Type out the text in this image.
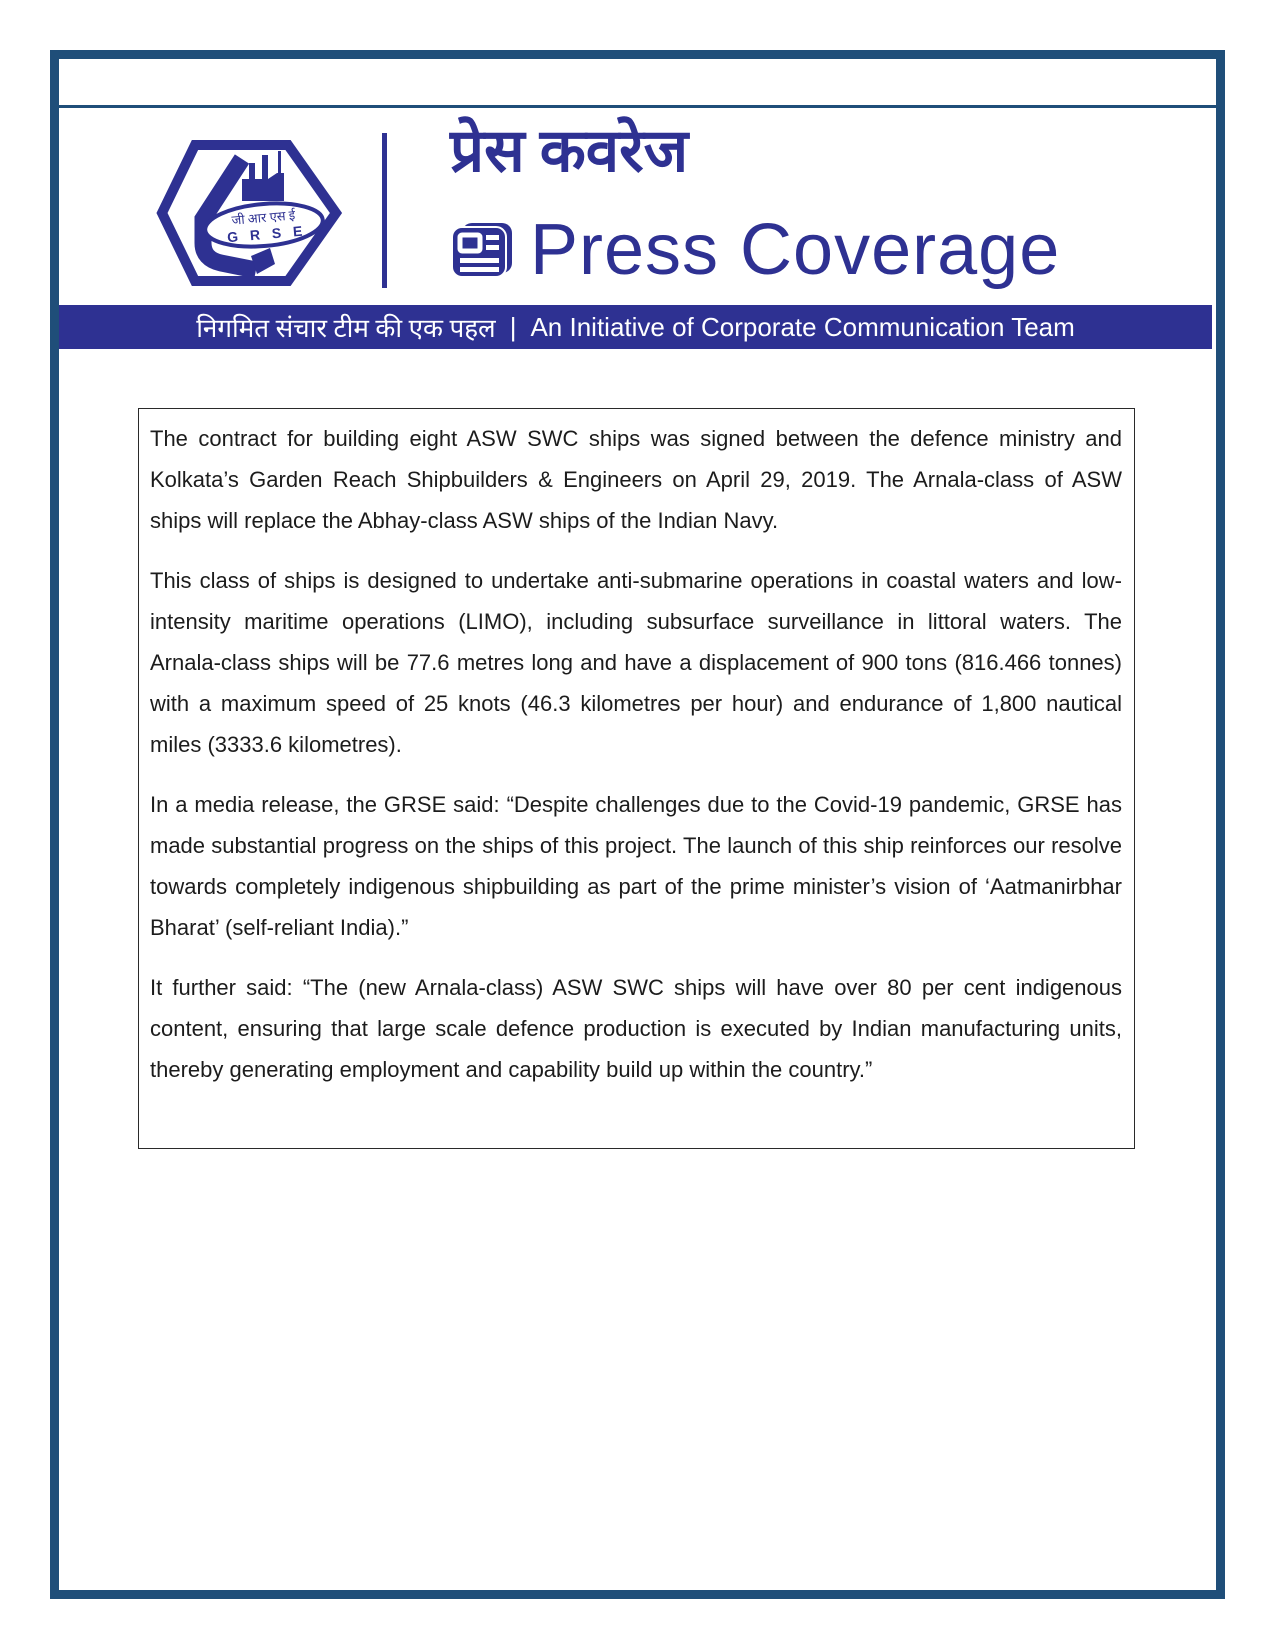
जी आर एस ई
G R S E
प्रेस कवरेज
Press Coverage
निगमित संचार टीम की एक पहल | An Initiative of Corporate Communication Team

The contract for building eight ASW SWC ships was signed between the defence ministry and Kolkata’s Garden Reach Shipbuilders & Engineers on April 29, 2019. The Arnala-class of ASW ships will replace the Abhay-class ASW ships of the Indian Navy.

This class of ships is designed to undertake anti-submarine operations in coastal waters and low-intensity maritime operations (LIMO), including subsurface surveillance in littoral waters. The Arnala-class ships will be 77.6 metres long and have a displacement of 900 tons (816.466 tonnes) with a maximum speed of 25 knots (46.3 kilometres per hour) and endurance of 1,800 nautical miles (3333.6 kilometres).

In a media release, the GRSE said: “Despite challenges due to the Covid-19 pandemic, GRSE has made substantial progress on the ships of this project. The launch of this ship reinforces our resolve towards completely indigenous shipbuilding as part of the prime minister’s vision of ‘Aatmanirbhar Bharat’ (self-reliant India).”

It further said: “The (new Arnala-class) ASW SWC ships will have over 80 per cent indigenous content, ensuring that large scale defence production is executed by Indian manufacturing units, thereby generating employment and capability build up within the country.”
